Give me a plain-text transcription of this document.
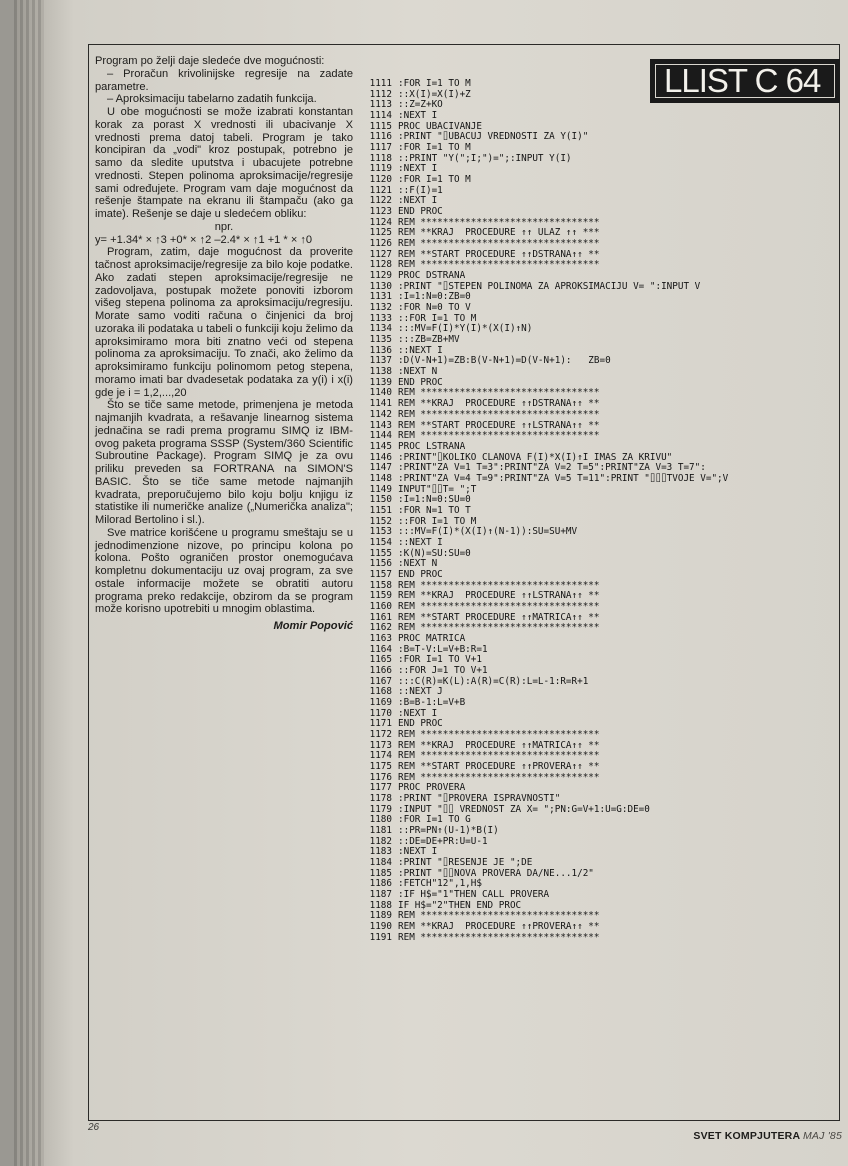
LLIST C 64

Program po želji daje sledeće dve mogućnosti:

– Proračun krivolinijske regresije na zadate parametre.

– Aproksimaciju tabelarno zadatih funkcija.

U obe mogućnosti se može izabrati konstantan korak za porast X vrednosti ili ubacivanje X vrednosti prema datoj tabeli. Program je tako koncipiran da „vodi" kroz postupak, potrebno je samo da sledite uputstva i ubacujete potrebne vrednosti. Stepen polinoma aproksimacije/regresije sami određujete. Program vam daje mogućnost da rešenje štampate na ekranu ili štampaču (ako ga imate). Rešenje se daje u sledećem obliku:

npr.

y= +1.34* × ↑3 +0* × ↑2 –2.4* × ↑1 +1 * × ↑0

Program, zatim, daje mogućnost da proverite tačnost aproksimacije/regresije za bilo koje podatke. Ako zadati stepen aproksimacije/regresije ne zadovoljava, postupak možete ponoviti izborom višeg stepena polinoma za aproksimaciju/regresiju. Morate samo voditi računa o činjenici da broj uzoraka ili podataka u tabeli o funkciji koju želimo da aproksimiramo mora biti znatno veći od stepena polinoma za aproksimaciju. To znači, ako želimo da aproksimiramo funkciju polinomom petog stepena, moramo imati bar dvadesetak podataka za y(i) i x(i) gde je i = 1,2,...,20

Što se tiče same metode, primenjena je metoda najmanjih kvadrata, a rešavanje linearnog sistema jednačina se radi prema programu SIMQ iz IBM-ovog paketa programa SSSP (System/360 Scientific Subroutine Package). Program SIMQ je za ovu priliku preveden sa FORTRANA na SIMON'S BASIC. Što se tiče same metode najmanjih kvadrata, preporučujemo bilo koju bolju knjigu iz statistike ili numeričke analize („Numerička analiza"; Milorad Bertolino i sl.).

Sve matrice korišćene u programu smeštaju se u jednodimenzione nizove, po principu kolona po kolona. Pošto ograničen prostor onemogućava kompletnu dokumentaciju uz ovaj program, za sve ostale informacije možete se obratiti autoru programa preko redakcije, obzirom da se program može korisno upotrebiti u mnogim oblastima.

Momir Popović
1111 :FOR I=1 TO M
1112 ::X(I)=X(I)+Z
1113 ::Z=Z+KO
1114 :NEXT I
1115 PROC UBACIVANJE
1116 :PRINT "⌷UBACUJ VREDNOSTI ZA Y(I)"
1117 :FOR I=1 TO M
1118 ::PRINT "Y(";I;")=";:INPUT Y(I)
1119 :NEXT I
1120 :FOR I=1 TO M
1121 ::F(I)=1
1122 :NEXT I
1123 END PROC
1124 REM ********************************
1125 REM **KRAJ  PROCEDURE ↑↑ ULAZ ↑↑ ***
1126 REM ********************************
1127 REM **START PROCEDURE ↑↑DSTRANA↑↑ **
1128 REM ********************************
1129 PROC DSTRANA
1130 :PRINT "⌷STEPEN POLINOMA ZA APROKSIMACIJU V= ":INPUT V
1131 :I=1:N=0:ZB=0
1132 :FOR N=0 TO V
1133 ::FOR I=1 TO M
1134 :::MV=F(I)*Y(I)*(X(I)↑N)
1135 :::ZB=ZB+MV
1136 ::NEXT I
1137 :D(V-N+1)=ZB:B(V-N+1)=D(V-N+1):   ZB=0
1138 :NEXT N
1139 END PROC
1140 REM ********************************
1141 REM **KRAJ  PROCEDURE ↑↑DSTRANA↑↑ **
1142 REM ********************************
1143 REM **START PROCEDURE ↑↑LSTRANA↑↑ **
1144 REM ********************************
1145 PROC LSTRANA
1146 :PRINT"⌷KOLIKO CLANOVA F(I)*X(I)↑I IMAS ZA KRIVU"
1147 :PRINT"ZA V=1 T=3":PRINT"ZA V=2 T=5":PRINT"ZA V=3 T=7":
1148 :PRINT"ZA V=4 T=9":PRINT"ZA V=5 T=11":PRINT "⌷⌷⌷TVOJE V=";V
1149 INPUT"⌷⌷T= ";T
1150 :I=1:N=0:SU=0
1151 :FOR N=1 TO T
1152 ::FOR I=1 TO M
1153 :::MV=F(I)*(X(I)↑(N-1)):SU=SU+MV
1154 ::NEXT I
1155 :K(N)=SU:SU=0
1156 :NEXT N
1157 END PROC
1158 REM ********************************
1159 REM **KRAJ  PROCEDURE ↑↑LSTRANA↑↑ **
1160 REM ********************************
1161 REM **START PROCEDURE ↑↑MATRICA↑↑ **
1162 REM ********************************
1163 PROC MATRICA
1164 :B=T-V:L=V+B:R=1
1165 :FOR I=1 TO V+1
1166 ::FOR J=1 TO V+1
1167 :::C(R)=K(L):A(R)=C(R):L=L-1:R=R+1
1168 ::NEXT J
1169 :B=B-1:L=V+B
1170 :NEXT I
1171 END PROC
1172 REM ********************************
1173 REM **KRAJ  PROCEDURE ↑↑MATRICA↑↑ **
1174 REM ********************************
1175 REM **START PROCEDURE ↑↑PROVERA↑↑ **
1176 REM ********************************
1177 PROC PROVERA
1178 :PRINT "⌷PROVERA ISPRAVNOSTI"
1179 :INPUT "⌷⌷ VREDNOST ZA X= ";PN:G=V+1:U=G:DE=0
1180 :FOR I=1 TO G
1181 ::PR=PN↑(U-1)*B(I)
1182 ::DE=DE+PR:U=U-1
1183 :NEXT I
1184 :PRINT "⌷RESENJE JE ";DE
1185 :PRINT "⌷⌷NOVA PROVERA DA/NE...1/2"
1186 :FETCH"12",1,H$
1187 :IF H$="1"THEN CALL PROVERA
1188 IF H$="2"THEN END PROC
1189 REM ********************************
1190 REM **KRAJ  PROCEDURE ↑↑PROVERA↑↑ **
1191 REM ********************************
26
SVET KOMPJUTERA MAJ '85
